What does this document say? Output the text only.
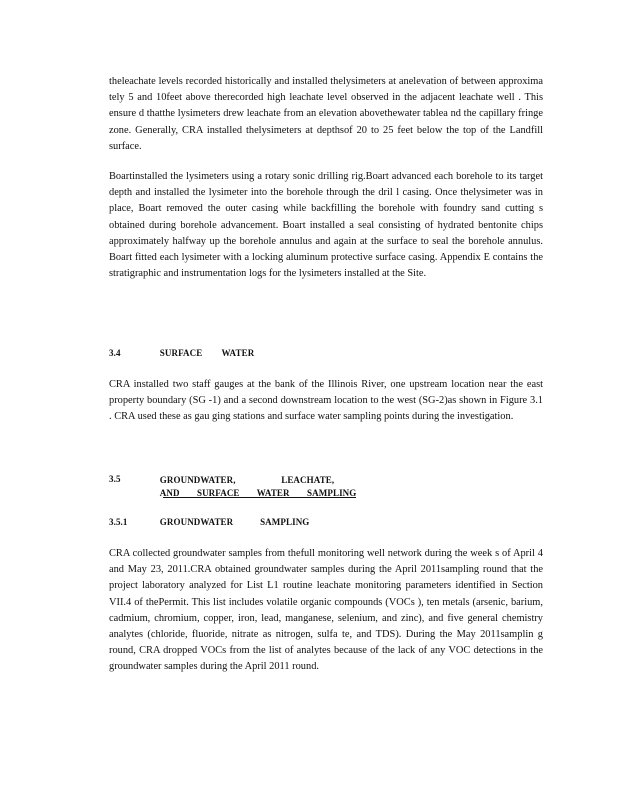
theleachate levels recorded historically and installed thelysimeters at anelevation of between approxima tely 5 and 10feet above therecorded high leachate level observed in the adjacent leachate well . This ensure d thatthe lysimeters drew leachate from an elevation abovethewater tablea nd the capillary fringe zone. Generally, CRA installed thelysimeters at depthsof 20 to 25 feet below the top of the Landfill surface.

Boartinstalled the lysimeters using a rotary sonic drilling rig.Boart advanced each borehole to its target depth and installed the lysimeter into the borehole through the dril l casing. Once thelysimeter was in place, Boart removed the outer casing while backfilling the borehole with foundry sand cutting s obtained during borehole advancement. Boart installed a seal consisting of hydrated bentonite chips approximately halfway up the borehole annulus and again at the surface to seal the borehole annulus. Boart fitted each lysimeter with a locking aluminum protective surface casing. Appendix E contains the stratigraphic and instrumentation logs for the lysimeters installed at the Site.

3.4	SURFACE WATER

CRA installed two staff gauges at the bank of the Illinois River, one upstream location near the east property boundary (SG -1) and a second downstream location to the west (SG-2)as shown in Figure 3.1 . CRA used these as gau ging stations and surface water sampling points during the investigation.

3.5	GROUNDWATER, LEACHATE,
AND SURFACE WATER SAMPLING
3.5.1	GROUNDWATER SAMPLING

CRA collected groundwater samples from thefull monitoring well network during the week s of April 4 and May 23, 2011.CRA obtained groundwater samples during the April 2011sampling round that the project laboratory analyzed for List L1 routine leachate monitoring parameters identified in Section VII.4 of thePermit. This list includes volatile organic compounds (VOCs ), ten metals (arsenic, barium, cadmium, chromium, copper, iron, lead, manganese, selenium, and zinc), and five general chemistry analytes (chloride, fluoride, nitrate as nitrogen, sulfa te, and TDS). During the May 2011samplin g round, CRA dropped VOCs from the list of analytes because of the lack of any VOC detections in the groundwater samples during the April 2011 round.
